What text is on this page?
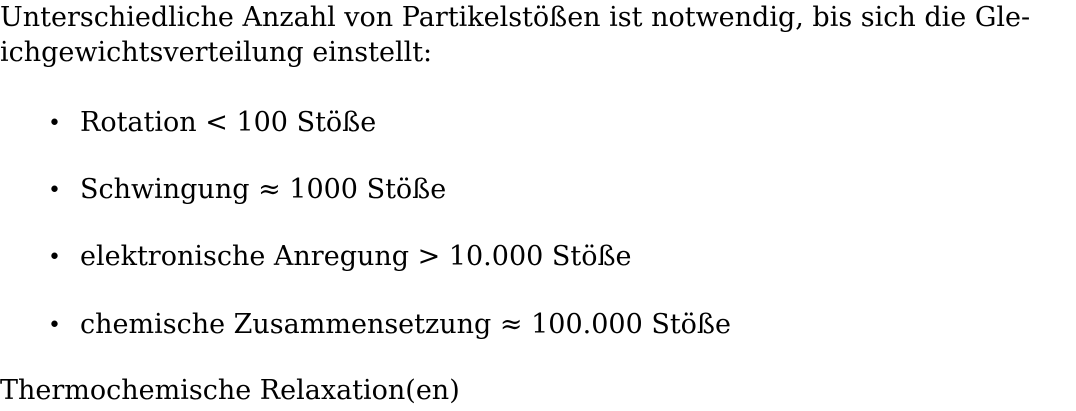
Unterschiedliche Anzahl von Partikelstößen ist notwendig, bis sich die Gle-
ichgewichtsverteilung einstellt:
• Rotation < 100 Stöße
• Schwingung ≈ 1000 Stöße
• elektronische Anregung > 10.000 Stöße
• chemische Zusammensetzung ≈ 100.000 Stöße
Thermochemische Relaxation(en)
